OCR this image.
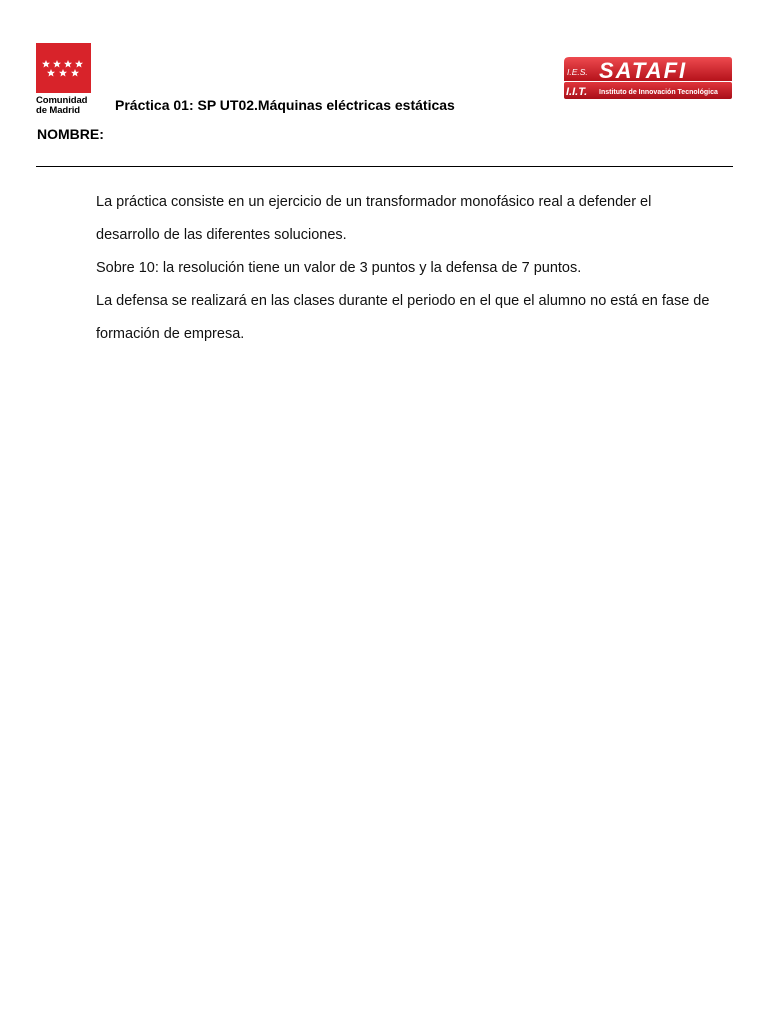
Comunidad
de Madrid	Práctica 01: SP UT02.Máquinas eléctricas estáticas
NOMBRE:
I.E.S. SATAFI
I.I.T. Instituto de Innovación Tecnológica

La práctica consiste en un ejercicio de un transformador monofásico real a defender el desarrollo de las diferentes soluciones.

Sobre 10: la resolución tiene un valor de 3 puntos y la defensa de 7 puntos.

La defensa se realizará en las clases durante el periodo en el que el alumno no está en fase de formación de empresa.
